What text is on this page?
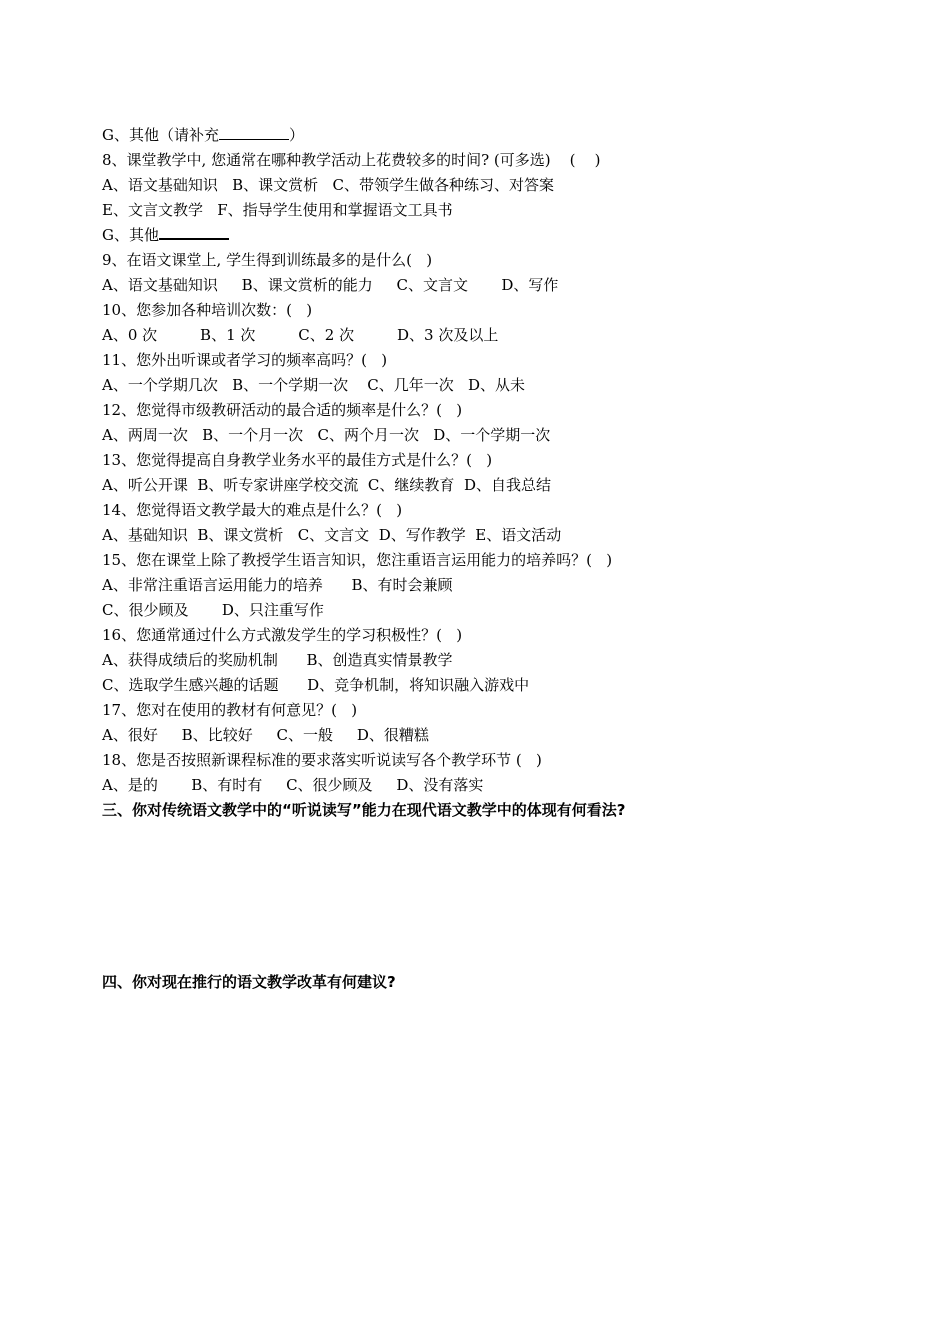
G、其他（请补充	）
8、课堂教学中, 您通常在哪种教学活动上花费较多的时间? (可多选)    (    )
A、语文基础知识   B、课文赏析   C、带领学生做各种练习、对答案
E、文言文教学   F、指导学生使用和掌握语文工具书
G、其他
9、在语文课堂上, 学生得到训练最多的是什么(   )
A、语文基础知识     B、课文赏析的能力     C、文言文       D、写作
10、您参加各种培训次数：(   )
A、0 次         B、1 次         C、2 次         D、3 次及以上
11、您外出听课或者学习的频率高吗？(   )
A、一个学期几次   B、一个学期一次    C、几年一次   D、从未
12、您觉得市级教研活动的最合适的频率是什么？(   )
A、两周一次   B、一个月一次   C、两个月一次   D、一个学期一次
13、您觉得提高自身教学业务水平的最佳方式是什么？(   )
A、听公开课  B、听专家讲座学校交流  C、继续教育  D、自我总结
14、您觉得语文教学最大的难点是什么？(   )
A、基础知识  B、课文赏析   C、文言文  D、写作教学  E、语文活动
15、您在课堂上除了教授学生语言知识，您注重语言运用能力的培养吗？(   )
A、非常注重语言运用能力的培养      B、有时会兼顾
C、很少顾及       D、只注重写作
16、您通常通过什么方式激发学生的学习积极性？(   )
A、获得成绩后的奖励机制      B、创造真实情景教学
C、选取学生感兴趣的话题      D、竞争机制，将知识融入游戏中
17、您对在使用的教材有何意见？(   )
A、很好     B、比较好     C、一般     D、很糟糕
18、您是否按照新课程标准的要求落实听说读写各个教学环节 (   )
A、是的       B、有时有     C、很少顾及     D、没有落实
三、你对传统语文教学中的“听说读写”能力在现代语文教学中的体现有何看法?
四、你对现在推行的语文教学改革有何建议?
